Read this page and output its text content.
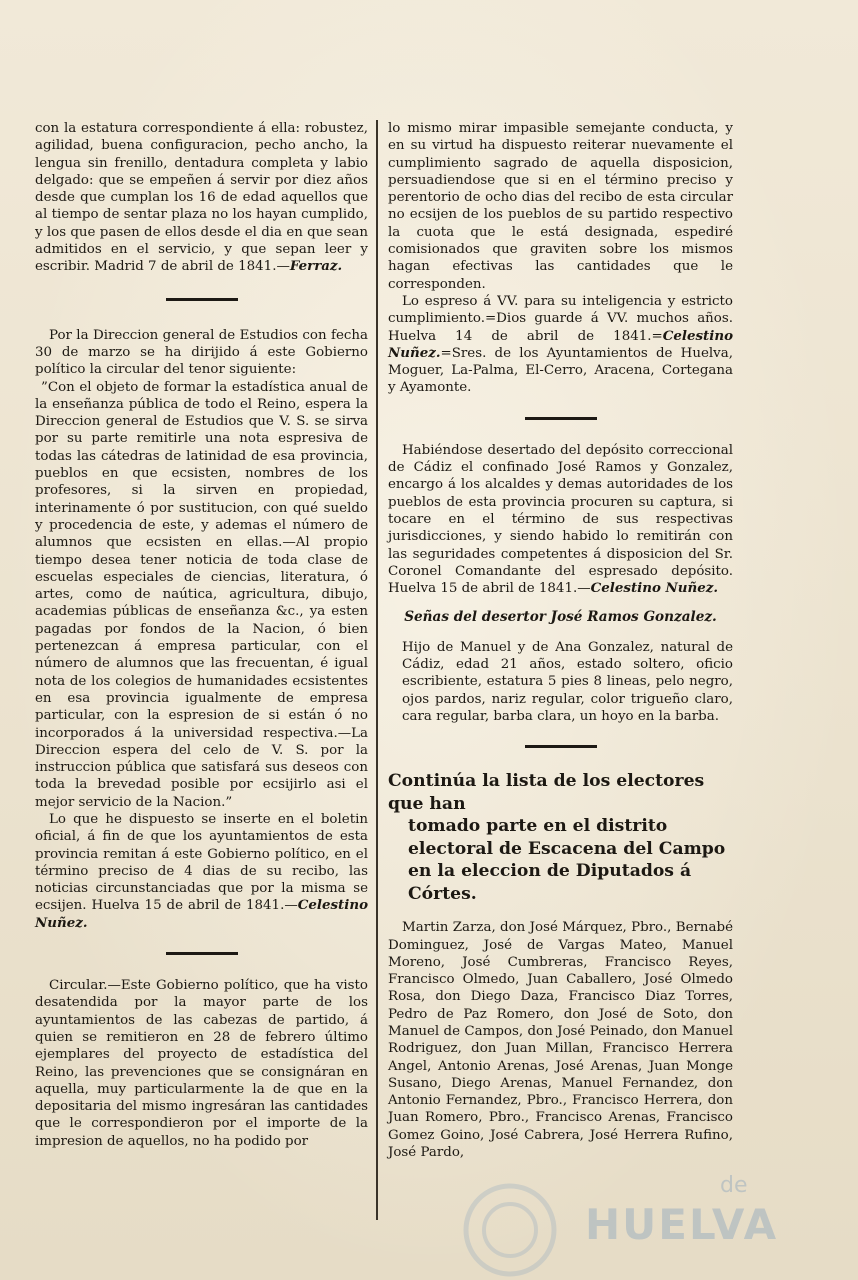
con la estatura correspondiente á ella: robustez, agilidad, buena configuracion, pecho ancho, la lengua sin frenillo, dentadura completa y labio delgado: que se empeñen á servir por diez años desde que cumplan los 16 de edad aquellos que al tiempo de sentar plaza no los hayan cumplido, y los que pasen de ellos desde el dia en que sean admitidos en el servicio, y que sepan leer y escribir. Madrid 7 de abril de 1841.—Ferraz.

Por la Direccion general de Estudios con fecha 30 de marzo se ha dirijido á este Gobierno político la circular del tenor siguiente:

”Con el objeto de formar la estadística anual de la enseñanza pública de todo el Reino, espera la Direccion general de Estudios que V. S. se sirva por su parte remitirle una nota espresiva de todas las cátedras de latinidad de esa provincia, pueblos en que ecsisten, nombres de los profesores, si la sirven en propiedad, interinamente ó por sustitucion, con qué sueldo y procedencia de este, y ademas el número de alumnos que ecsisten en ellas.—Al propio tiempo desea tener noticia de toda clase de escuelas especiales de ciencias, literatura, ó artes, como de naútica, agricultura, dibujo, academias públicas de enseñanza &c., ya esten pagadas por fondos de la Nacion, ó bien pertenezcan á empresa particular, con el número de alumnos que las frecuentan, é igual nota de los colegios de humanidades ecsistentes en esa provincia igualmente de empresa particular, con la espresion de si están ó no incorporados á la universidad respectiva.—La Direccion espera del celo de V. S. por la instruccion pública que satisfará sus deseos con toda la brevedad posible por ecsijirlo asi el mejor servicio de la Nacion.”

Lo que he dispuesto se inserte en el boletin oficial, á fin de que los ayuntamientos de esta provincia remitan á este Gobierno político, en el término preciso de 4 dias de su recibo, las noticias circunstanciadas que por la misma se ecsijen. Huelva 15 de abril de 1841.—Celestino Nuñez.

Circular.—Este Gobierno político, que ha visto desatendida por la mayor parte de los ayuntamientos de las cabezas de partido, á quien se remitieron en 28 de febrero último ejemplares del proyecto de estadística del Reino, las prevenciones que se consignáran en aquella, muy particularmente la de que en la depositaria del mismo ingresáran las cantidades que le correspondieron por el importe de la impresion de aquellos, no ha podido por

lo mismo mirar impasible semejante conducta, y en su virtud ha dispuesto reiterar nuevamente el cumplimiento sagrado de aquella disposicion, persuadiendose que si en el término preciso y perentorio de ocho dias del recibo de esta circular no ecsijen de los pueblos de su partido respectivo la cuota que le está designada, espediré comisionados que graviten sobre los mismos hagan efectivas las cantidades que le corresponden.

Lo espreso á VV. para su inteligencia y estricto cumplimiento.=Dios guarde á VV. muchos años. Huelva 14 de abril de 1841.=Celestino Nuñez.=Sres. de los Ayuntamientos de Huelva, Moguer, La-Palma, El-Cerro, Aracena, Cortegana y Ayamonte.

Habiéndose desertado del depósito correccional de Cádiz el confinado José Ramos y Gonzalez, encargo á los alcaldes y demas autoridades de los pueblos de esta provincia procuren su captura, si tocare en el término de sus respectivas jurisdicciones, y siendo habido lo remitirán con las seguridades competentes á disposicion del Sr. Coronel Comandante del espresado depósito. Huelva 15 de abril de 1841.—Celestino Nuñez.

Señas del desertor José Ramos Gonzalez.

Hijo de Manuel y de Ana Gonzalez, natural de Cádiz, edad 21 años, estado soltero, oficio escribiente, estatura 5 pies 8 lineas, pelo negro, ojos pardos, nariz regular, color trigueño claro, cara regular, barba clara, un hoyo en la barba.

Continúa la lista de los electores que han
tomado parte en el distrito electoral de Escacena del Campo en la eleccion de Diputados á Córtes.

Martin Zarza, don José Márquez, Pbro., Bernabé Dominguez, José de Vargas Mateo, Manuel Moreno, José Cumbreras, Francisco Reyes, Francisco Olmedo, Juan Caballero, José Olmedo Rosa, don Diego Daza, Francisco Diaz Torres, Pedro de Paz Romero, don José de Soto, don Manuel de Campos, don José Peinado, don Manuel Rodriguez, don Juan Millan, Francisco Herrera Angel, Antonio Arenas, José Arenas, Juan Monge Susano, Diego Arenas, Manuel Fernandez, don Antonio Fernandez, Pbro., Francisco Herrera, don Juan Romero, Pbro., Francisco Arenas, Francisco Gomez Goino, José Cabrera, José Herrera Rufino, José Pardo,

de
HUELVA
